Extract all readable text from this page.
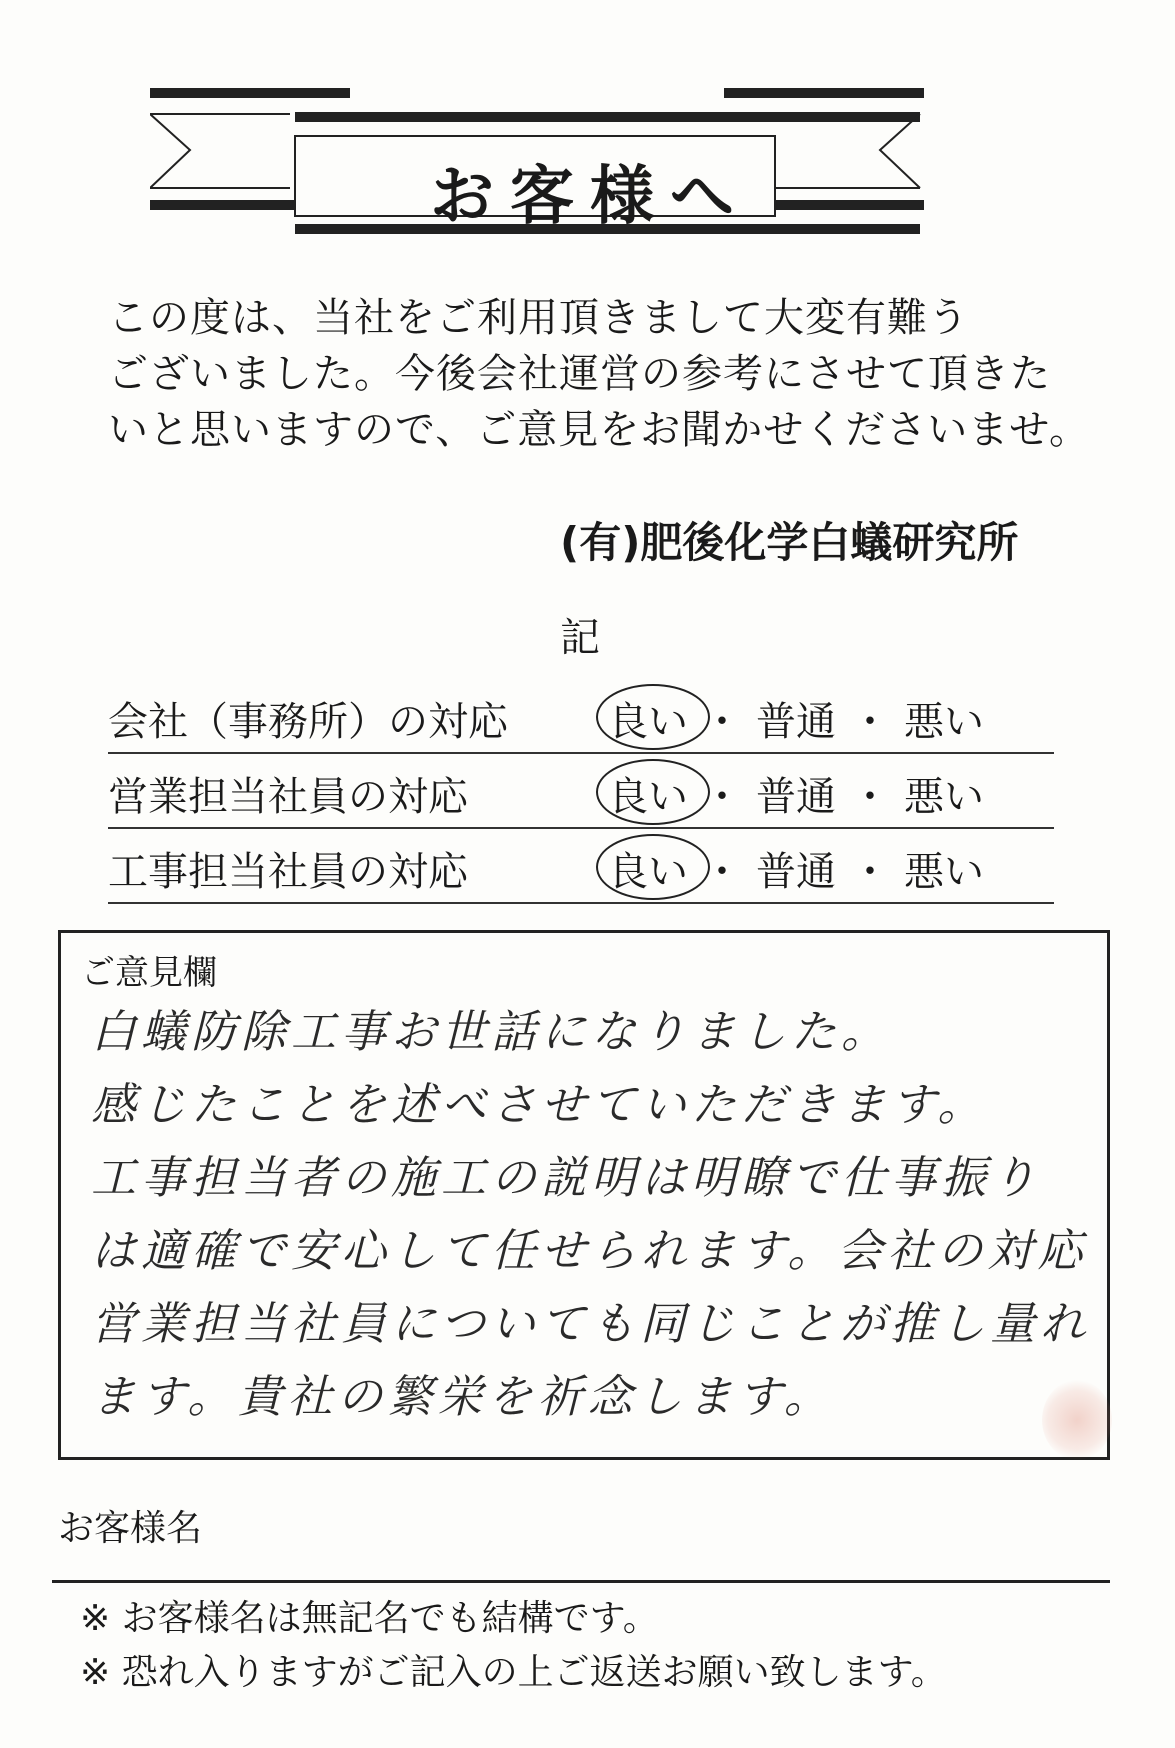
お客様へ
この度は、当社をご利用頂きまして大変有難う
ございました。今後会社運営の参考にさせて頂きた
いと思いますので、ご意見をお聞かせくださいませ。
(有)肥後化学白蟻研究所
記
会社（事務所）の対応	良い ・ 普通 ・ 悪い
営業担当社員の対応	良い ・ 普通 ・ 悪い
工事担当社員の対応	良い ・ 普通 ・ 悪い
ご意見欄
白蟻防除工事お世話になりました。
感じたことを述べさせていただきます。
工事担当者の施工の説明は明瞭で仕事振り
は適確で安心して任せられます。会社の対応
営業担当社員についても同じことが推し量れ
ます。貴社の繁栄を祈念します。
お客様名
※ お客様名は無記名でも結構です。
※ 恐れ入りますがご記入の上ご返送お願い致します。
